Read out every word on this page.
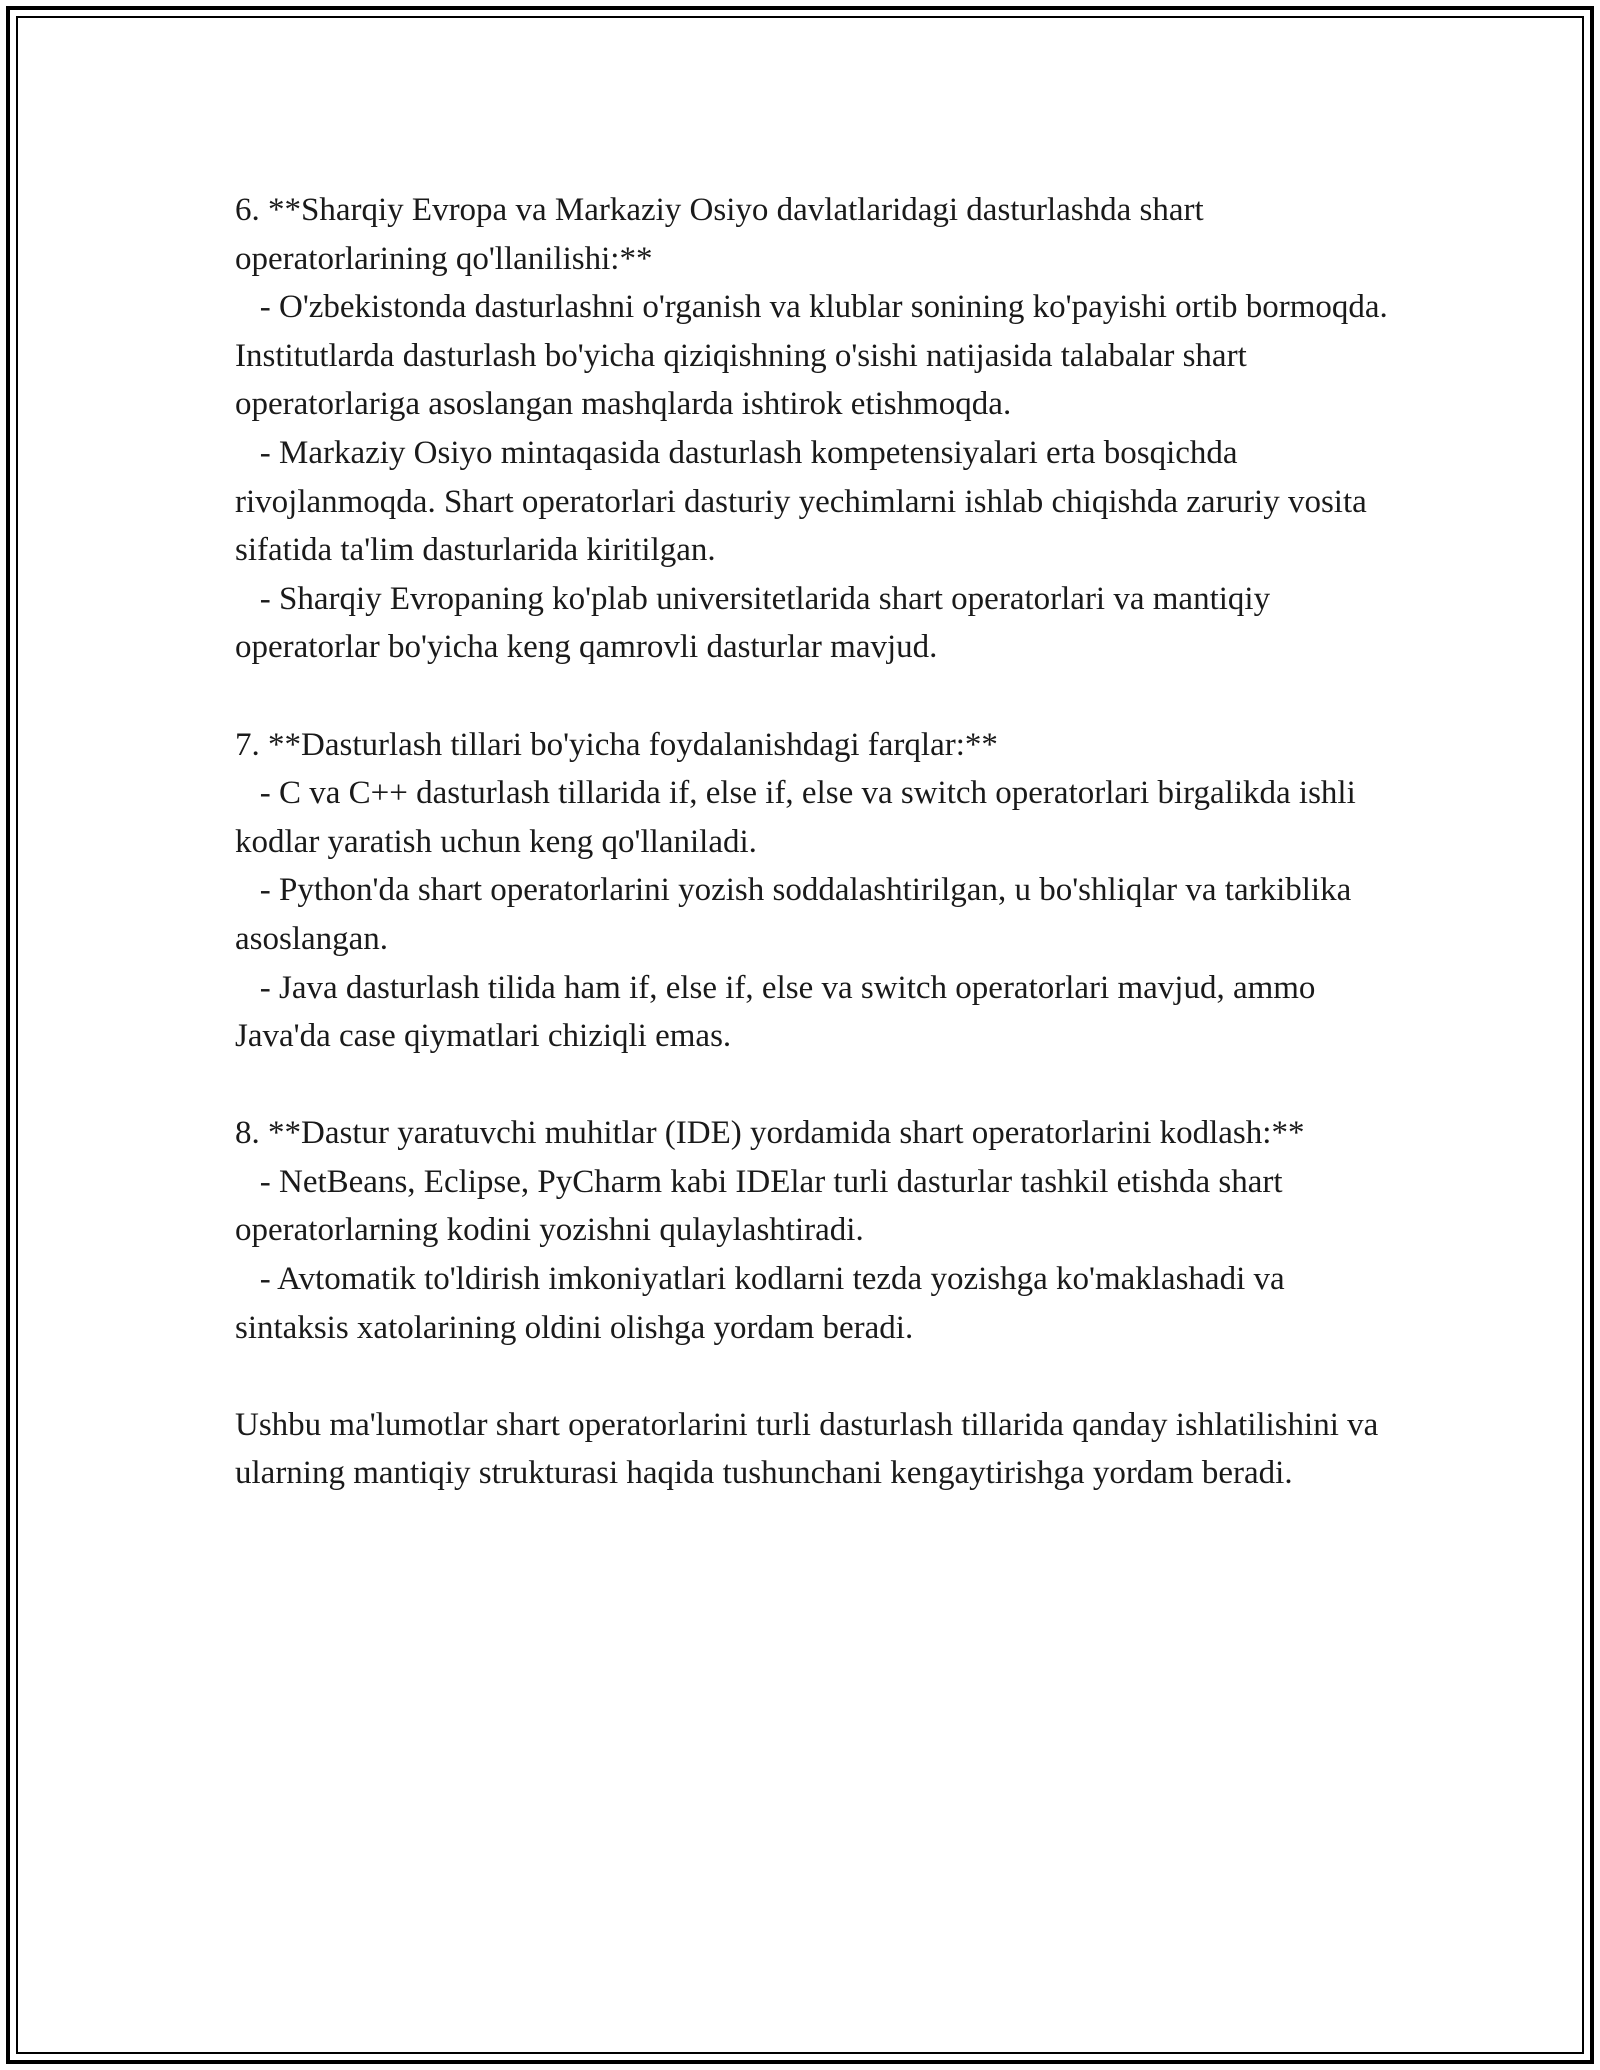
6. **Sharqiy Evropa va Markaziy Osiyo davlatlaridagi dasturlashda shart operatorlarining qo'llanilishi:**

- O'zbekistonda dasturlashni o'rganish va klublar sonining ko'payishi ortib bormoqda. Institutlarda dasturlash bo'yicha qiziqishning o'sishi natijasida talabalar shart operatorlariga asoslangan mashqlarda ishtirok etishmoqda.
- Markaziy Osiyo mintaqasida dasturlash kompetensiyalari erta bosqichda rivojlanmoqda. Shart operatorlari dasturiy yechimlarni ishlab chiqishda zaruriy vosita sifatida ta'lim dasturlarida kiritilgan.
- Sharqiy Evropaning ko'plab universitetlarida shart operatorlari va mantiqiy operatorlar bo'yicha keng qamrovli dasturlar mavjud.

7. **Dasturlash tillari bo'yicha foydalanishdagi farqlar:**

- C va C++ dasturlash tillarida if, else if, else va switch operatorlari birgalikda ishli kodlar yaratish uchun keng qo'llaniladi.
- Python'da shart operatorlarini yozish soddalashtirilgan, u bo'shliqlar va tarkiblika asoslangan.
- Java dasturlash tilida ham if, else if, else va switch operatorlari mavjud, ammo Java'da case qiymatlari chiziqli emas.

8. **Dastur yaratuvchi muhitlar (IDE) yordamida shart operatorlarini kodlash:**

- NetBeans, Eclipse, PyCharm kabi IDElar turli dasturlar tashkil etishda shart operatorlarning kodini yozishni qulaylashtiradi.
- Avtomatik to'ldirish imkoniyatlari kodlarni tezda yozishga ko'maklashadi va sintaksis xatolarining oldini olishga yordam beradi.

Ushbu ma'lumotlar shart operatorlarini turli dasturlash tillarida qanday ishlatilishini va ularning mantiqiy strukturasi haqida tushunchani kengaytirishga yordam beradi.
